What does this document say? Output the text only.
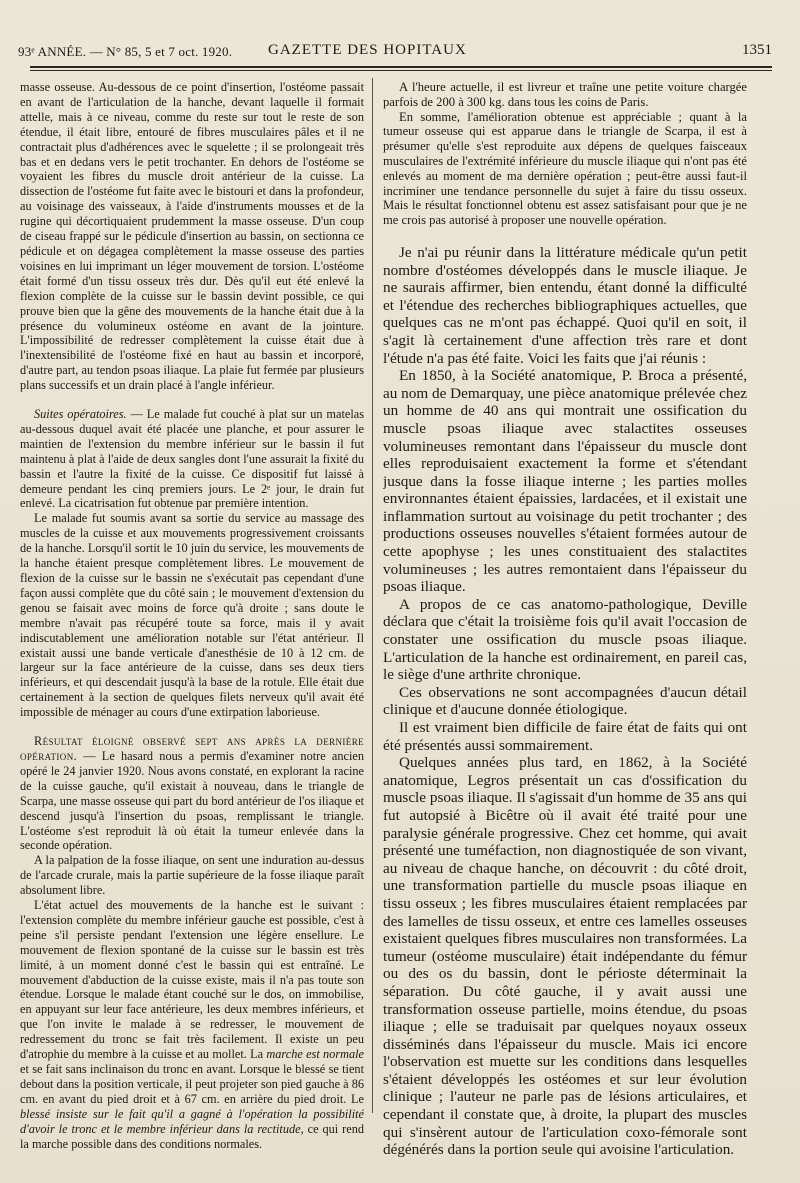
93ᵉ ANNÉE. — N° 85, 5 et 7 oct. 1920. GAZETTE DES HOPITAUX	1351

masse osseuse. Au-dessous de ce point d'insertion, l'ostéome passait en avant de l'articulation de la hanche, devant laquelle il formait attelle, mais à ce niveau, comme du reste sur tout le reste de son étendue, il était libre, entouré de fibres musculaires pâles et il ne contractait plus d'adhérences avec le squelette ; il se prolongeait très bas et en dedans vers le petit trochanter. En dehors de l'ostéome se voyaient les fibres du muscle droit antérieur de la cuisse. La dissection de l'ostéome fut faite avec le bistouri et dans la profondeur, au voisinage des vaisseaux, à l'aide d'instruments mousses et de la rugine qui décortiquaient prudemment la masse osseuse. D'un coup de ciseau frappé sur le pédicule d'insertion au bassin, on sectionna ce pédicule et on dégagea complètement la masse osseuse des parties voisines en lui imprimant un léger mouvement de torsion. L'ostéome était formé d'un tissu osseux très dur. Dès qu'il eut été enlevé la flexion complète de la cuisse sur le bassin devint possible, ce qui prouve bien que la gêne des mouvements de la hanche était due à la présence du volumineux ostéome en avant de la jointure. L'impossibilité de redresser complètement la cuisse était due à l'inextensibilité de l'ostéome fixé en haut au bassin et incorporé, d'autre part, au tendon psoas iliaque. La plaie fut fermée par plusieurs plans successifs et un drain placé à l'angle inférieur.

Suites opératoires. — Le malade fut couché à plat sur un matelas au-dessous duquel avait été placée une planche, et pour assurer le maintien de l'extension du membre inférieur sur le bassin il fut maintenu à plat à l'aide de deux sangles dont l'une assurait la fixité du bassin et l'autre la fixité de la cuisse. Ce dispositif fut laissé à demeure pendant les cinq premiers jours. Le 2ᵉ jour, le drain fut enlevé. La cicatrisation fut obtenue par première intention.

Le malade fut soumis avant sa sortie du service au massage des muscles de la cuisse et aux mouvements progressivement croissants de la hanche. Lorsqu'il sortit le 10 juin du service, les mouvements de la hanche étaient presque complètement libres. Le mouvement de flexion de la cuisse sur le bassin ne s'exécutait pas cependant d'une façon aussi complète que du côté sain ; le mouvement d'extension du genou se faisait avec moins de force qu'à droite ; sans doute le membre n'avait pas récupéré toute sa force, mais il y avait indiscutablement une amélioration notable sur l'état antérieur. Il existait aussi une bande verticale d'anesthésie de 10 à 12 cm. de largeur sur la face antérieure de la cuisse, dans ses deux tiers inférieurs, et qui descendait jusqu'à la base de la rotule. Elle était due certainement à la section de quelques filets nerveux qu'il avait été impossible de ménager au cours d'une extirpation laborieuse.

Résultat éloigné observé sept ans après la dernière opération. — Le hasard nous a permis d'examiner notre ancien opéré le 24 janvier 1920. Nous avons constaté, en explorant la racine de la cuisse gauche, qu'il existait à nouveau, dans le triangle de Scarpa, une masse osseuse qui part du bord antérieur de l'os iliaque et descend jusqu'à l'insertion du psoas, remplissant le triangle. L'ostéome s'est reproduit là où était la tumeur enlevée dans la seconde opération.

A la palpation de la fosse iliaque, on sent une induration au-dessus de l'arcade crurale, mais la partie supérieure de la fosse iliaque paraît absolument libre.

L'état actuel des mouvements de la hanche est le suivant : l'extension complète du membre inférieur gauche est possible, c'est à peine s'il persiste pendant l'extension une légère ensellure. Le mouvement de flexion spontané de la cuisse sur le bassin est très limité, à un moment donné c'est le bassin qui est entraîné. Le mouvement d'abduction de la cuisse existe, mais il n'a pas toute son étendue. Lorsque le malade étant couché sur le dos, on immobilise, en appuyant sur leur face antérieure, les deux membres inférieurs, et que l'on invite le malade à se redresser, le mouvement de redressement du tronc se fait très facilement. Il existe un peu d'atrophie du membre à la cuisse et au mollet. La marche est normale et se fait sans inclinaison du tronc en avant. Lorsque le blessé se tient debout dans la position verticale, il peut projeter son pied gauche à 86 cm. en avant du pied droit et à 67 cm. en arrière du pied droit. Le blessé insiste sur le fait qu'il a gagné à l'opération la possibilité d'avoir le tronc et le membre inférieur dans la rectitude, ce qui rend la marche possible dans des conditions normales.

A l'heure actuelle, il est livreur et traîne une petite voiture chargée parfois de 200 à 300 kg. dans tous les coins de Paris.

En somme, l'amélioration obtenue est appréciable ; quant à la tumeur osseuse qui est apparue dans le triangle de Scarpa, il est à présumer qu'elle s'est reproduite aux dépens de quelques faisceaux musculaires de l'extrémité inférieure du muscle iliaque qui n'ont pas été enlevés au moment de ma dernière opération ; peut-être aussi faut-il incriminer une tendance personnelle du sujet à faire du tissu osseux. Mais le résultat fonctionnel obtenu est assez satisfaisant pour que je ne me crois pas autorisé à proposer une nouvelle opération.

Je n'ai pu réunir dans la littérature médicale qu'un petit nombre d'ostéomes développés dans le muscle iliaque. Je ne saurais affirmer, bien entendu, étant donné la difficulté et l'étendue des recherches bibliographiques actuelles, que quelques cas ne m'ont pas échappé. Quoi qu'il en soit, il s'agit là certainement d'une affection très rare et dont l'étude n'a pas été faite. Voici les faits que j'ai réunis :

En 1850, à la Société anatomique, P. Broca a présenté, au nom de Demarquay, une pièce anatomique prélevée chez un homme de 40 ans qui montrait une ossification du muscle psoas iliaque avec stalactites osseuses volumineuses remontant dans l'épaisseur du muscle dont elles reproduisaient exactement la forme et s'étendant jusque dans la fosse iliaque interne ; les parties molles environnantes étaient épaissies, lardacées, et il existait une inflammation surtout au voisinage du petit trochanter ; des productions osseuses nouvelles s'étaient formées autour de cette apophyse ; les unes constituaient des stalactites volumineuses ; les autres remontaient dans l'épaisseur du psoas iliaque.

A propos de ce cas anatomo-pathologique, Deville déclara que c'était la troisième fois qu'il avait l'occasion de constater une ossification du muscle psoas iliaque. L'articulation de la hanche est ordinairement, en pareil cas, le siège d'une arthrite chronique.

Ces observations ne sont accompagnées d'aucun détail clinique et d'aucune donnée étiologique.

Il est vraiment bien difficile de faire état de faits qui ont été présentés aussi sommairement.

Quelques années plus tard, en 1862, à la Société anatomique, Legros présentait un cas d'ossification du muscle psoas iliaque. Il s'agissait d'un homme de 35 ans qui fut autopsié à Bicêtre où il avait été traité pour une paralysie générale progressive. Chez cet homme, qui avait présenté une tuméfaction, non diagnostiquée de son vivant, au niveau de chaque hanche, on découvrit : du côté droit, une transformation partielle du muscle psoas iliaque en tissu osseux ; les fibres musculaires étaient remplacées par des lamelles de tissu osseux, et entre ces lamelles osseuses existaient quelques fibres musculaires non transformées. La tumeur (ostéome musculaire) était indépendante du fémur ou des os du bassin, dont le périoste déterminait la séparation. Du côté gauche, il y avait aussi une transformation osseuse partielle, moins étendue, du psoas iliaque ; elle se traduisait par quelques noyaux osseux disséminés dans l'épaisseur du muscle. Mais ici encore l'observation est muette sur les conditions dans lesquelles s'étaient développés les ostéomes et sur leur évolution clinique ; l'auteur ne parle pas de lésions articulaires, et cependant il constate que, à droite, la plupart des muscles qui s'insèrent autour de l'articulation coxo-fémorale sont dégénérés dans la portion seule qui avoisine l'articulation.
